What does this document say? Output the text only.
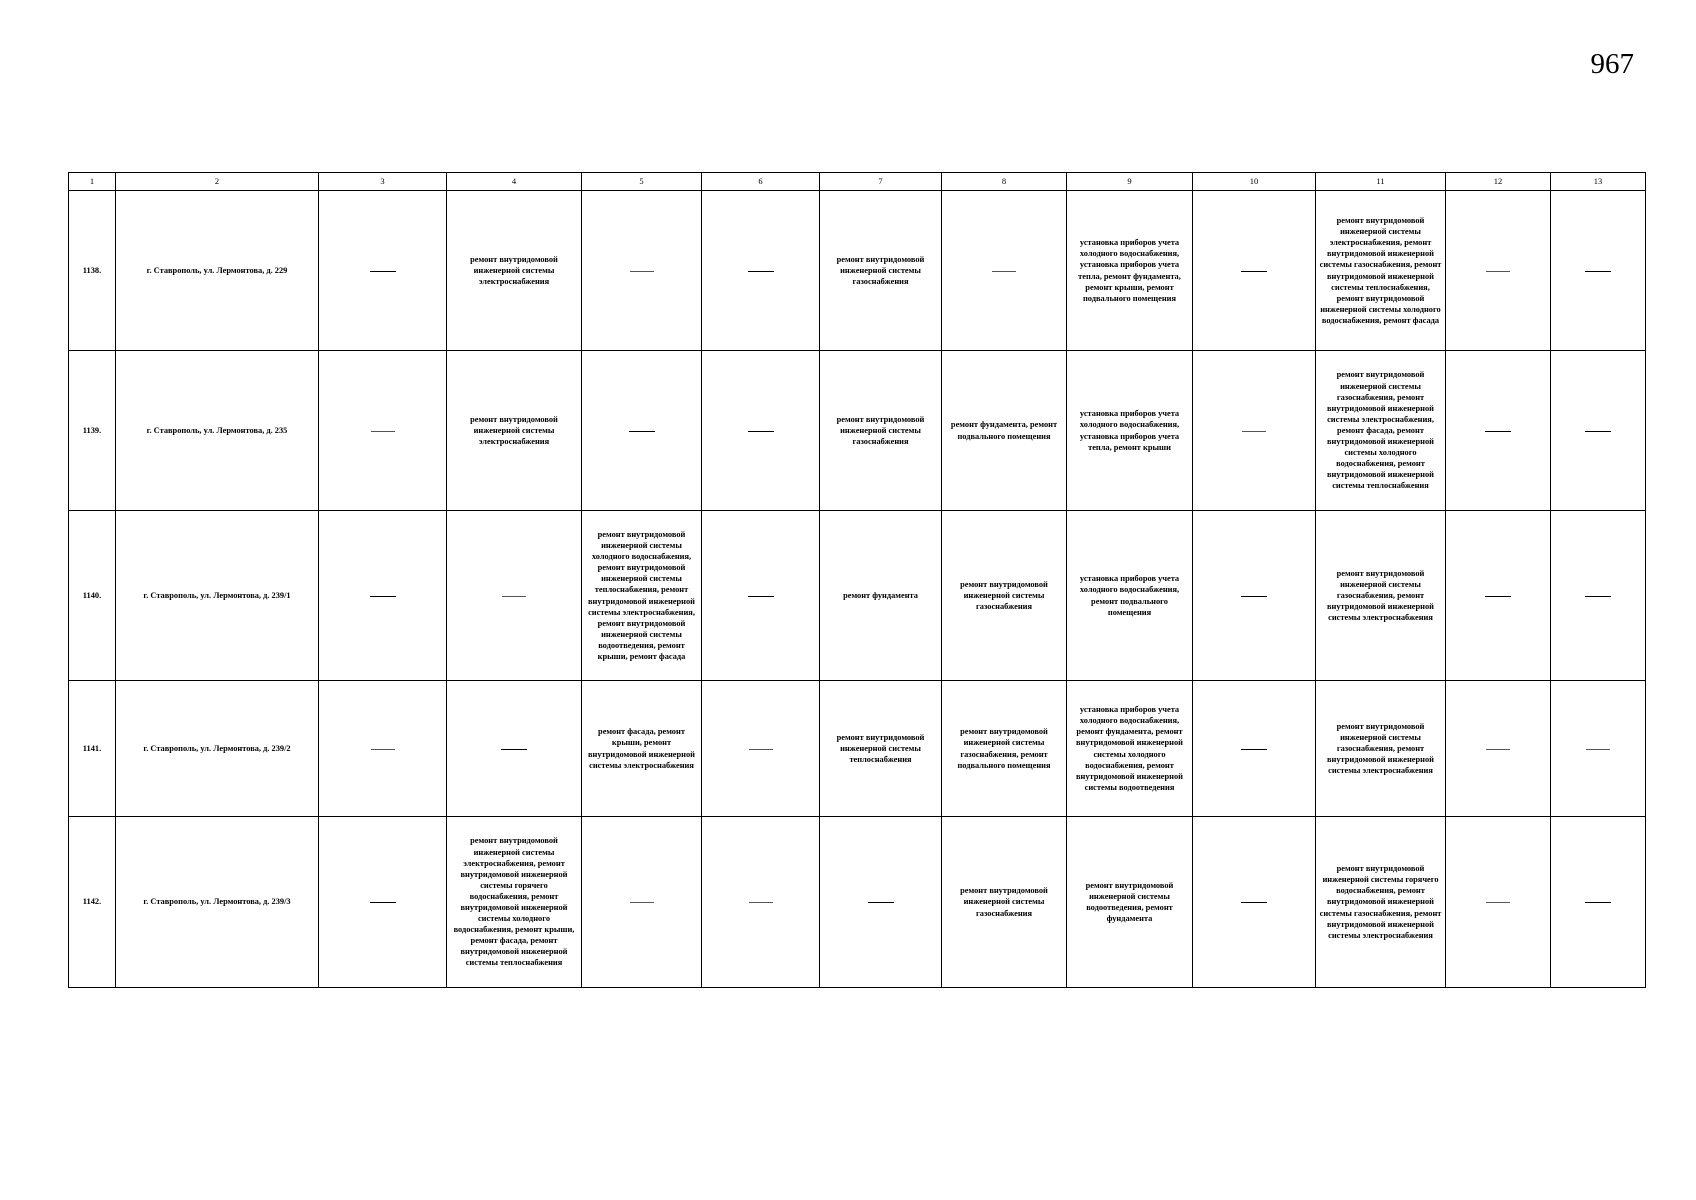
967
1	2	3	4	5	6	7	8	9	10	11	12	13
1138.	г. Ставрополь, ул. Лермонтова, д. 229		ремонт внутридомовой инженерной системы электроснабжения			ремонт внутридомовой инженерной системы газоснабжения		установка приборов учета холодного водоснабжения, установка приборов учета тепла, ремонт фундамента, ремонт крыши, ремонт подвального помещения		ремонт внутридомовой инженерной системы электроснабжения, ремонт внутридомовой инженерной системы газоснабжения, ремонт внутридомовой инженерной системы теплоснабжения, ремонт внутридомовой инженерной системы холодного водоснабжения, ремонт фасада		
1139.	г. Ставрополь, ул. Лермонтова, д. 235		ремонт внутридомовой инженерной системы электроснабжения			ремонт внутридомовой инженерной системы газоснабжения	ремонт фундамента, ремонт подвального помещения	установка приборов учета холодного водоснабжения, установка приборов учета тепла, ремонт крыши		ремонт внутридомовой инженерной системы газоснабжения, ремонт внутридомовой инженерной системы электроснабжения, ремонт фасада, ремонт внутридомовой инженерной системы холодного водоснабжения, ремонт внутридомовой инженерной системы теплоснабжения		
1140.	г. Ставрополь, ул. Лермонтова, д. 239/1			ремонт внутридомовой инженерной системы холодного водоснабжения, ремонт внутридомовой инженерной системы теплоснабжения, ремонт внутридомовой инженерной системы электроснабжения, ремонт внутридомовой инженерной системы водоотведения, ремонт крыши, ремонт фасада		ремонт фундамента	ремонт внутридомовой инженерной системы газоснабжения	установка приборов учета холодного водоснабжения, ремонт подвального помещения		ремонт внутридомовой инженерной системы газоснабжения, ремонт внутридомовой инженерной системы электроснабжения		
1141.	г. Ставрополь, ул. Лермонтова, д. 239/2			ремонт фасада, ремонт крыши, ремонт внутридомовой инженерной системы электроснабжения		ремонт внутридомовой инженерной системы теплоснабжения	ремонт внутридомовой инженерной системы газоснабжения, ремонт подвального помещения	установка приборов учета холодного водоснабжения, ремонт фундамента, ремонт внутридомовой инженерной системы холодного водоснабжения, ремонт внутридомовой инженерной системы водоотведения		ремонт внутридомовой инженерной системы газоснабжения, ремонт внутридомовой инженерной системы электроснабжения		
1142.	г. Ставрополь, ул. Лермонтова, д. 239/3		ремонт внутридомовой инженерной системы электроснабжения, ремонт внутридомовой инженерной системы горячего водоснабжения, ремонт внутридомовой инженерной системы холодного водоснабжения, ремонт крыши, ремонт фасада, ремонт внутридомовой инженерной системы теплоснабжения				ремонт внутридомовой инженерной системы газоснабжения	ремонт внутридомовой инженерной системы водоотведения, ремонт фундамента		ремонт внутридомовой инженерной системы горячего водоснабжения, ремонт внутридомовой инженерной системы газоснабжения, ремонт внутридомовой инженерной системы электроснабжения		
